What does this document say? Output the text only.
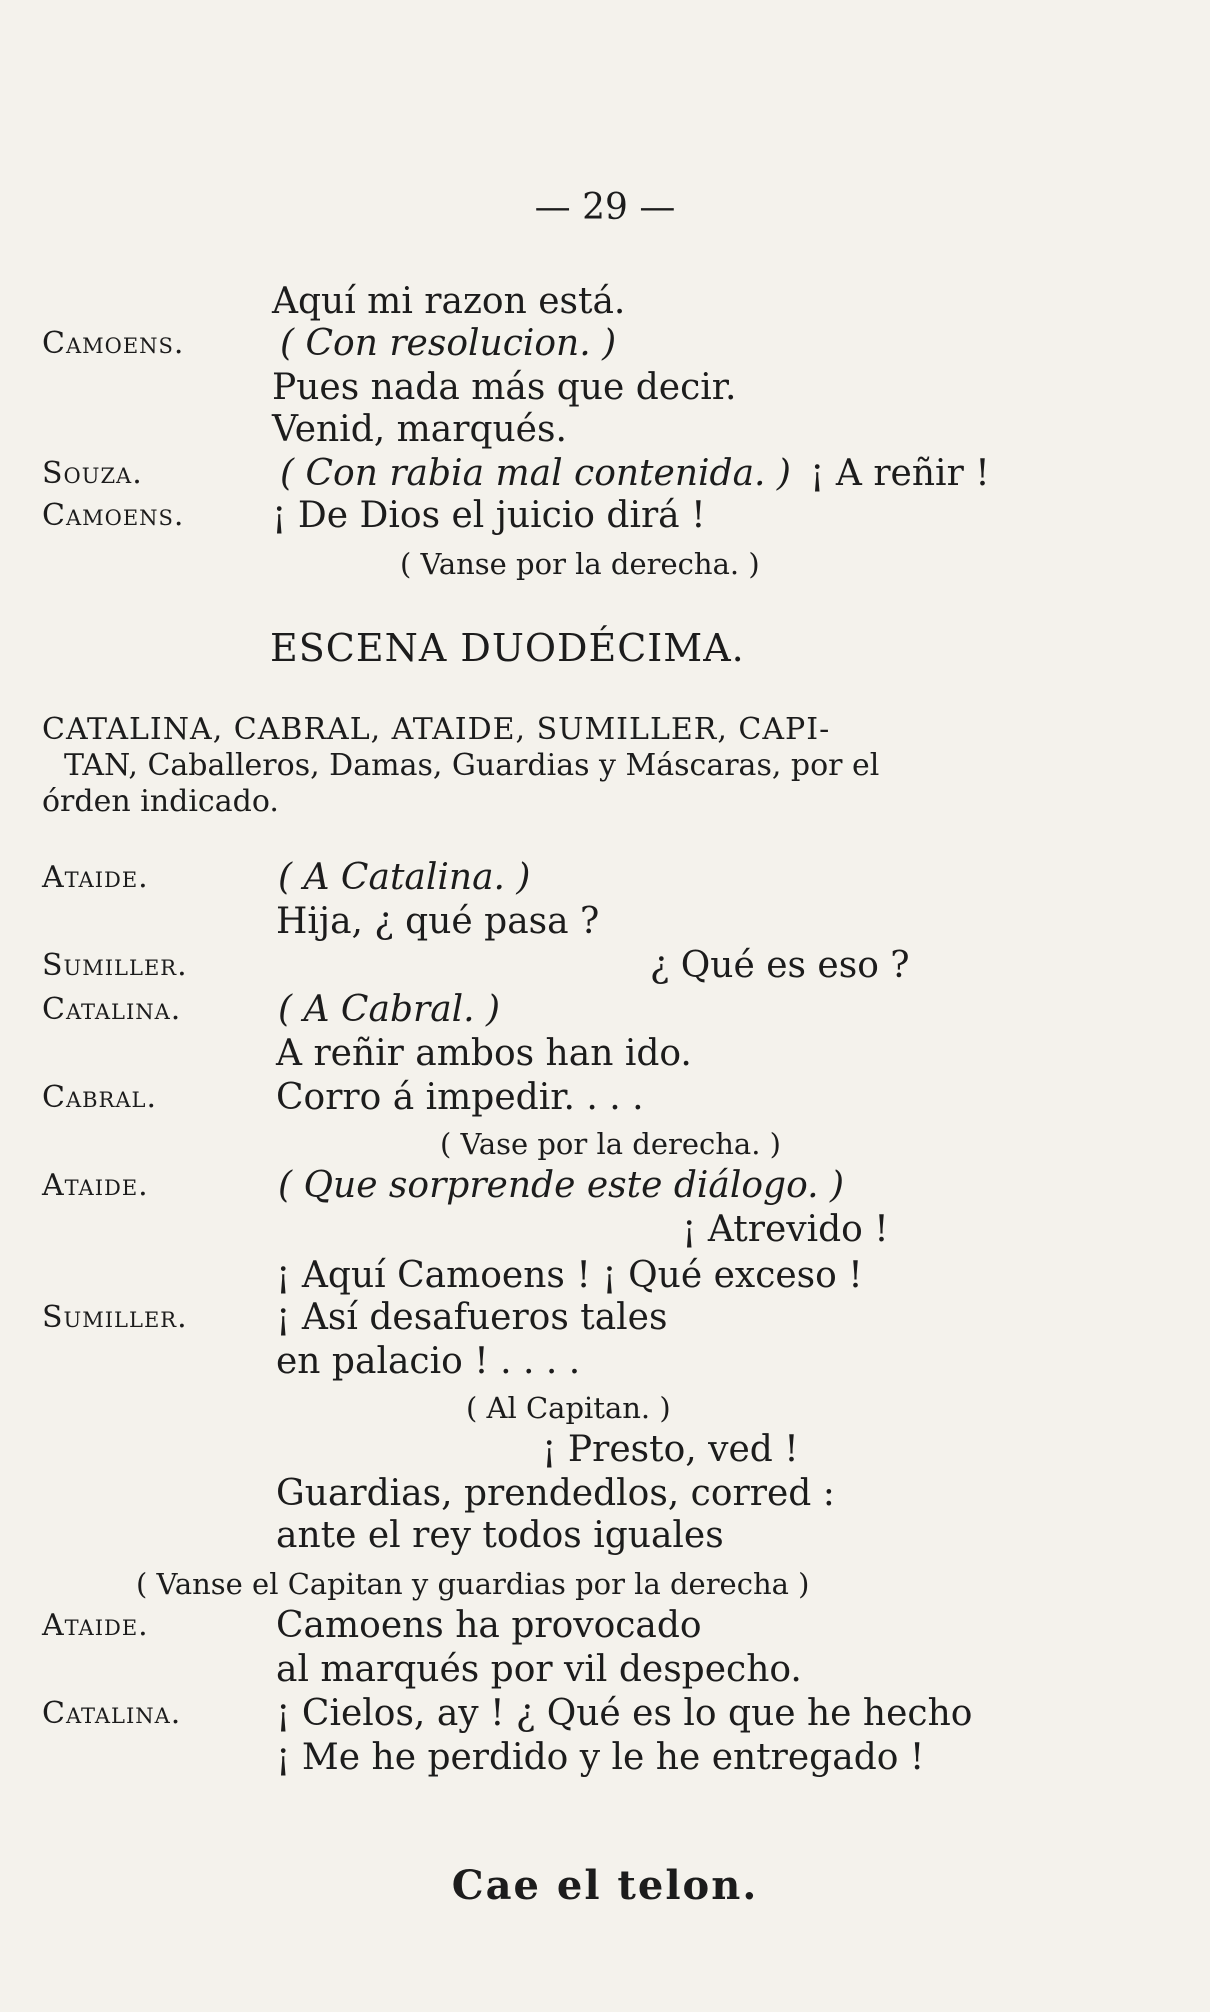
— 29 —
Aquí mi razon está.
Camoens.	( Con resolucion. )
Pues nada más que decir.
Venid, marqués.
Souza.	( Con rabia mal contenida. ) ¡ A reñir !
Camoens. ¡ De Dios el juicio dirá !
( Vanse por la derecha. )
ESCENA DUODÉCIMA.
CATALINA, CABRAL, ATAIDE, SUMILLER, CAPI-
TAN, Caballeros, Damas, Guardias y Máscaras, por el
órden indicado.
Ataide.	( A Catalina. )
Hija, ¿ qué pasa ?
Sumiller.	¿ Qué es eso ?
Catalina.	( A Cabral. )
A reñir ambos han ido.
Cabral.	Corro á impedir. . . .
( Vase por la derecha. )
Ataide.	( Que sorprende este diálogo. )
¡ Atrevido !
¡ Aquí Camoens ! ¡ Qué exceso !
Sumiller. ¡ Así desafueros tales
en palacio ! . . . .
( Al Capitan. )
¡ Presto, ved !
Guardias, prendedlos, corred :
ante el rey todos iguales
( Vanse el Capitan y guardias por la derecha )
Ataide.	Camoens ha provocado
al marqués por vil despecho.
Catalina.	¡ Cielos, ay ! ¿ Qué es lo que he hecho
¡ Me he perdido y le he entregado !
Cae el telon.
